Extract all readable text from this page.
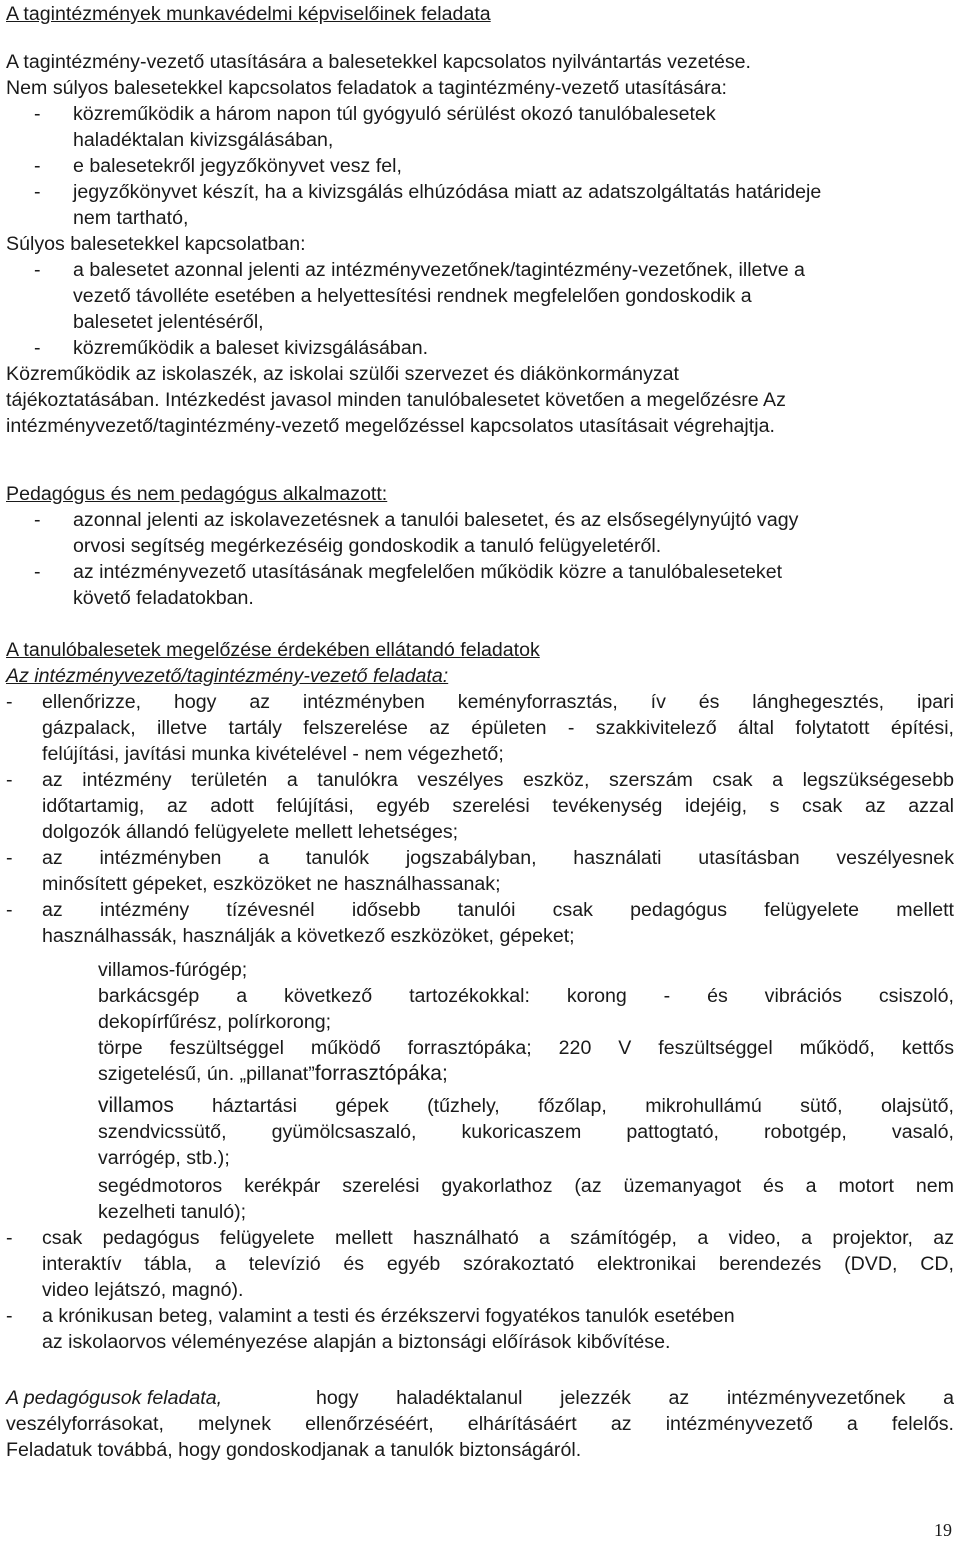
A tagintézmények munkavédelmi képviselőinek feladata
A tagintézmény-vezető utasítására a balesetekkel kapcsolatos nyilvántartás vezetése.
Nem súlyos balesetekkel kapcsolatos feladatok a tagintézmény-vezető utasítására:
- közreműködik a három napon túl gyógyuló sérülést okozó tanulóbalesetek
haladéktalan kivizsgálásában,
- e balesetekről jegyzőkönyvet vesz fel,
- jegyzőkönyvet készít, ha a kivizsgálás elhúzódása miatt az adatszolgáltatás határideje
nem tartható,
Súlyos balesetekkel kapcsolatban:
- a balesetet azonnal jelenti az intézményvezetőnek/tagintézmény-vezetőnek, illetve a
vezető távolléte esetében a helyettesítési rendnek megfelelően gondoskodik a
balesetet jelentéséről,
- közreműködik a baleset kivizsgálásában.
Közreműködik az iskolaszék, az iskolai szülői szervezet és diákönkormányzat
tájékoztatásában. Intézkedést javasol minden tanulóbalesetet követően a megelőzésre Az
intézményvezető/tagintézmény-vezető megelőzéssel kapcsolatos utasításait végrehajtja.
Pedagógus és nem pedagógus alkalmazott:
- azonnal jelenti az iskolavezetésnek a tanulói balesetet, és az elsősegélynyújtó vagy
orvosi segítség megérkezéséig gondoskodik a tanuló felügyeletéről.
- az intézményvezető utasításának megfelelően működik közre a tanulóbaleseteket
követő feladatokban.
A tanulóbalesetek megelőzése érdekében ellátandó feladatok
Az intézményvezető/tagintézmény-vezető feladata:
- ellenőrizze, hogy az intézményben keményforrasztás, ív és lánghegesztés, ipari
gázpalack, illetve tartály felszerelése az épületen - szakkivitelező által folytatott építési,
felújítási, javítási munka kivételével - nem végezhető;
- az intézmény területén a tanulókra veszélyes eszköz, szerszám csak a legszükségesebb
időtartamig, az adott felújítási, egyéb szerelési tevékenység idejéig, s csak az azzal
dolgozók állandó felügyelete mellett lehetséges;
- az intézményben a tanulók jogszabályban, használati utasításban veszélyesnek
minősített gépeket, eszközöket ne használhassanak;
- az intézmény tízévesnél idősebb tanulói csak pedagógus felügyelete mellett
használhassák, használják a következő eszközöket, gépeket;
villamos-fúrógép;
barkácsgép a következő tartozékokkal: korong - és vibrációs csiszoló,
dekopírfűrész, polírkorong;
törpe feszültséggel működő forrasztópáka; 220 V feszültséggel működő, kettős
szigetelésű, ún. „pillanat”forrasztópáka;
villamos háztartási gépek (tűzhely, főzőlap, mikrohullámú sütő, olajsütő,
szendvicssütő, gyümölcsaszaló, kukoricaszem pattogtató, robotgép, vasaló,
varrógép, stb.);
segédmotoros kerékpár szerelési gyakorlathoz (az üzemanyagot és a motort nem
kezelheti tanuló);
- csak pedagógus felügyelete mellett használható a számítógép, a video, a projektor, az
interaktív tábla, a televízió és egyéb szórakoztató elektronikai berendezés (DVD, CD,
video lejátszó, magnó).
- a krónikusan beteg, valamint a testi és érzékszervi fogyatékos tanulók esetében
az iskolaorvos véleményezése alapján a biztonsági előírások kibővítése.
A pedagógusok feladata,	hogy haladéktalanul jelezzék az intézményvezetőnek a
veszélyforrásokat, melynek ellenőrzéséért, elhárításáért az intézményvezető a felelős.
Feladatuk továbbá, hogy gondoskodjanak a tanulók biztonságáról.
19
